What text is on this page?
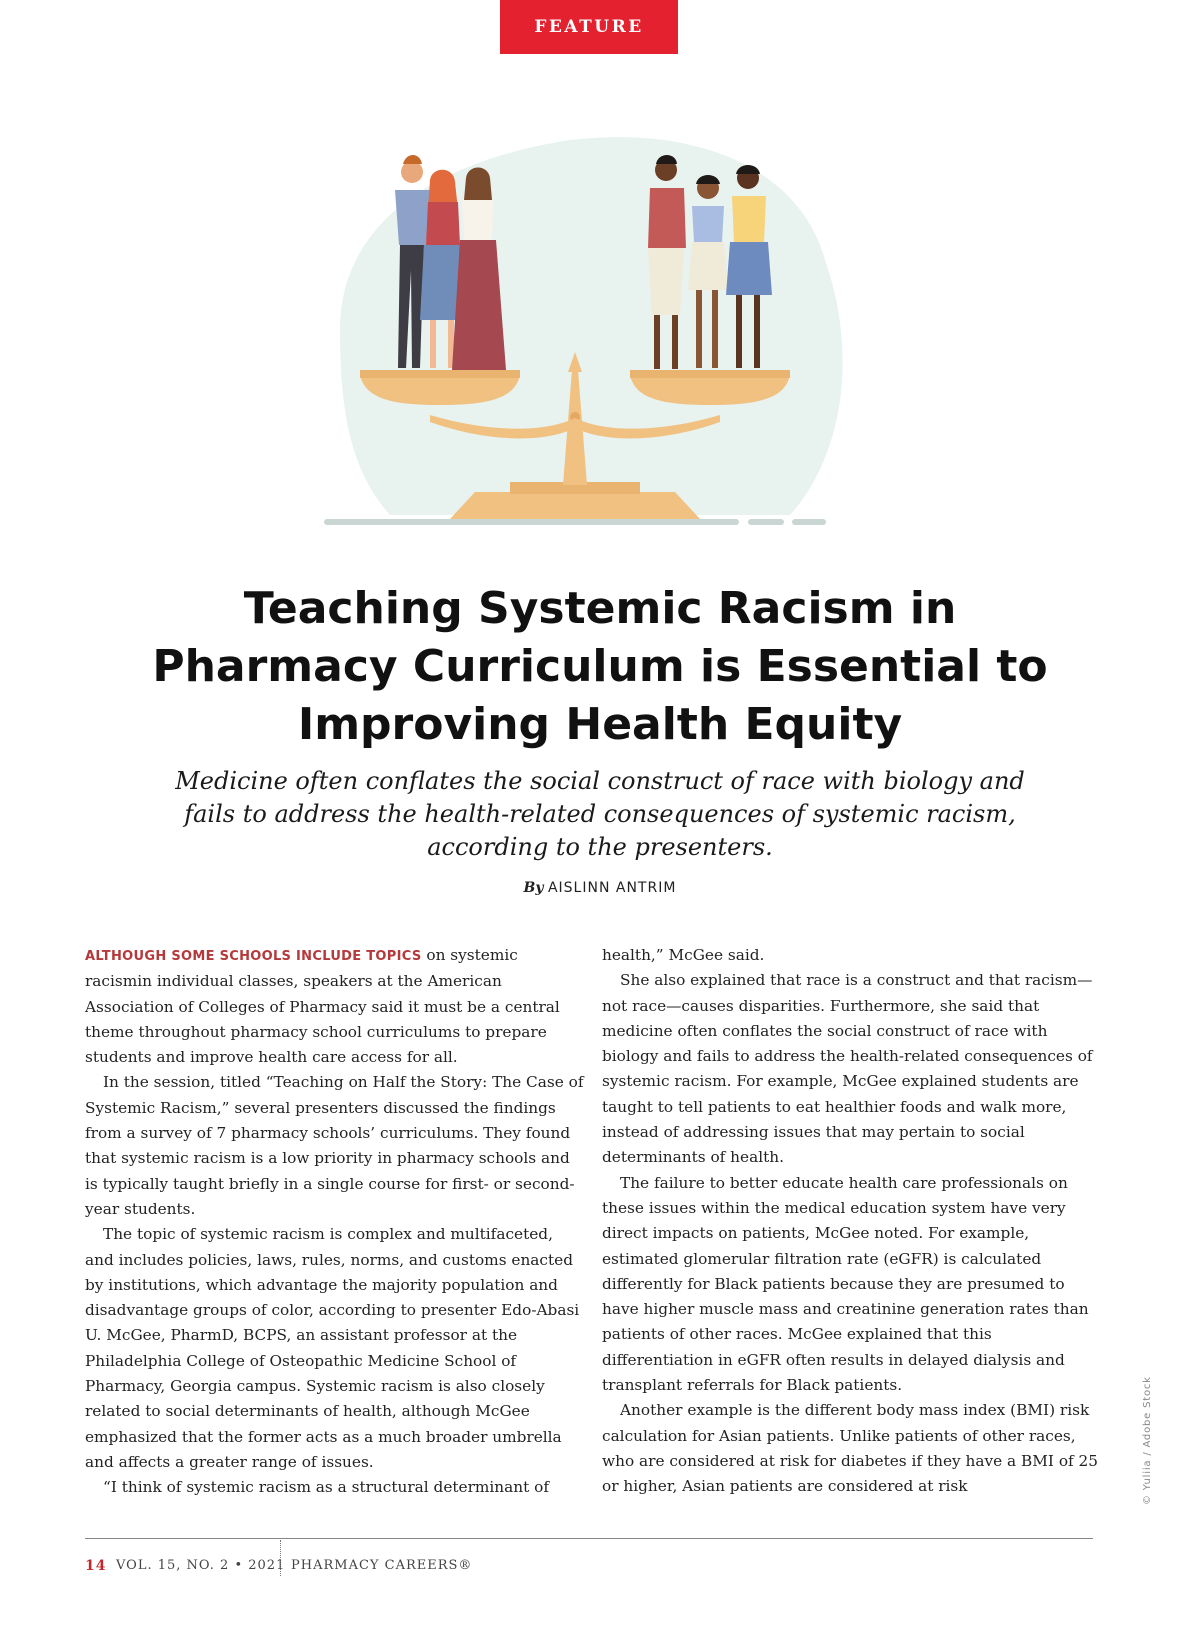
FEATURE
Teaching Systemic Racism in Pharmacy Curriculum is Essential to Improving Health Equity

Medicine often conflates the social construct of race with biology and fails to address the health-related consequences of systemic racism, according to the presenters.

By AISLINN ANTRIM

ALTHOUGH SOME SCHOOLS INCLUDE TOPICS on systemic racismin individual classes, speakers at the American Association of Colleges of Pharmacy said it must be a central theme throughout pharmacy school curriculums to prepare students and improve health care access for all.

In the session, titled “Teaching on Half the Story: The Case of Systemic Racism,” several presenters discussed the findings from a survey of 7 pharmacy schools’ curriculums. They found that systemic racism is a low priority in pharmacy schools and is typically taught briefly in a single course for first- or second-year students.

The topic of systemic racism is complex and multifaceted, and includes policies, laws, rules, norms, and customs enacted by institutions, which advantage the majority population and disadvantage groups of color, according to presenter Edo-Abasi U. McGee, PharmD, BCPS, an assistant professor at the Philadelphia College of Osteopathic Medicine School of Pharmacy, Georgia campus. Systemic racism is also closely related to social determinants of health, although McGee emphasized that the former acts as a much broader umbrella and affects a greater range of issues.

“I think of systemic racism as a structural determinant of

health,” McGee said.

She also explained that race is a construct and that racism—not race—causes disparities. Furthermore, she said that medicine often conflates the social construct of race with biology and fails to address the health-related consequences of systemic racism. For example, McGee explained students are taught to tell patients to eat healthier foods and walk more, instead of addressing issues that may pertain to social determinants of health.

The failure to better educate health care professionals on these issues within the medical education system have very direct impacts on patients, McGee noted. For example, estimated glomerular filtration rate (eGFR) is calculated differently for Black patients because they are presumed to have higher muscle mass and creatinine generation rates than patients of other races. McGee explained that this differentiation in eGFR often results in delayed dialysis and transplant referrals for Black patients.

Another example is the different body mass index (BMI) risk calculation for Asian patients. Unlike patients of other races, who are considered at risk for diabetes if they have a BMI of 25 or higher, Asian patients are considered at risk	© Yuliia / Adobe Stock
14 VOL. 15, NO. 2 • 2021 PHARMACY CAREERS®
